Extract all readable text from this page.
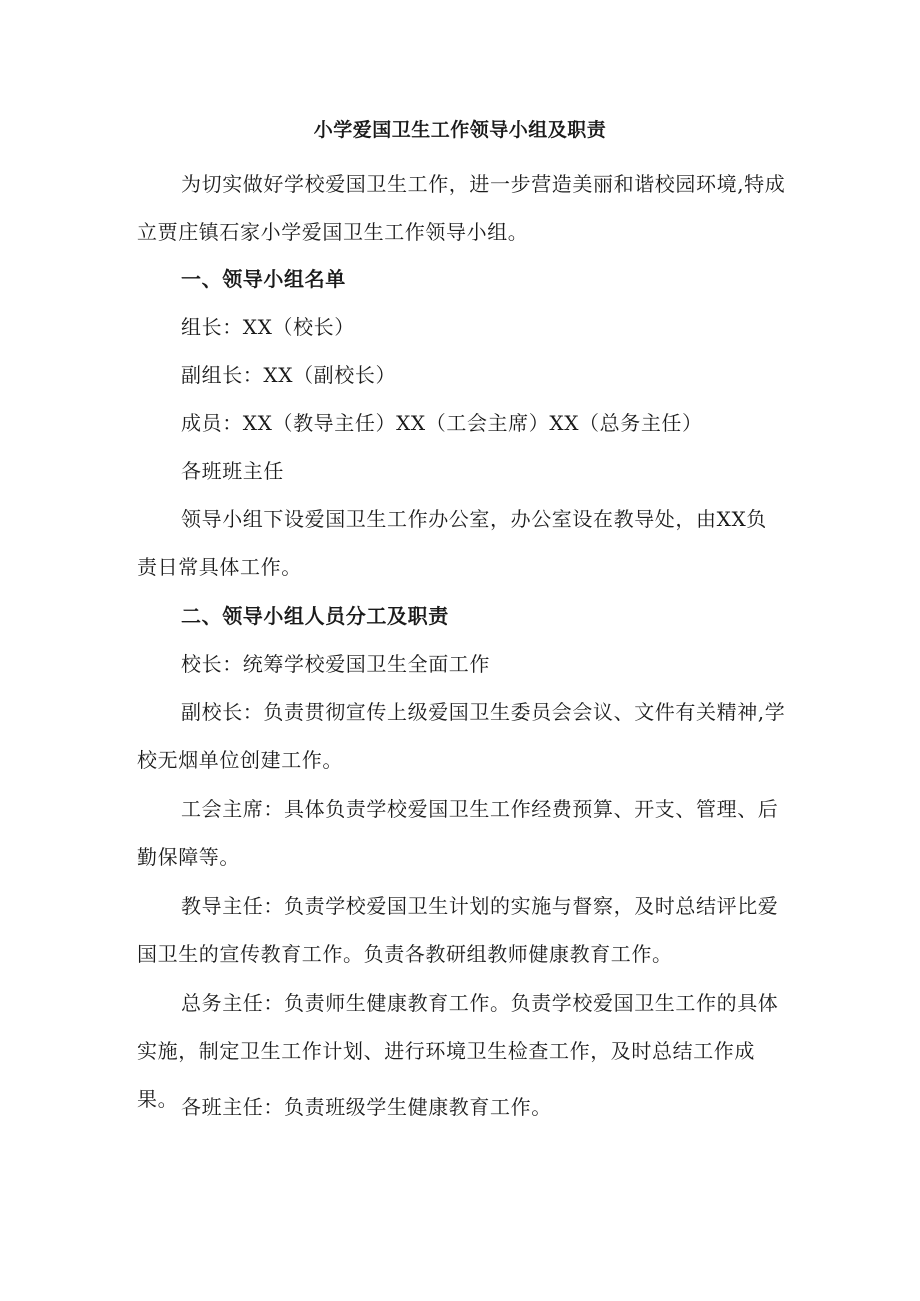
小学爱国卫生工作领导小组及职责

为切实做好学校爱国卫生工作，进一步营造美丽和谐校园环境,特成立贾庄镇石家小学爱国卫生工作领导小组。

一、领导小组名单

组长：XX（校长）

副组长：XX（副校长）

成员：XX（教导主任）XX（工会主席）XX（总务主任）

各班班主任

领导小组下设爱国卫生工作办公室，办公室设在教导处，由XX负责日常具体工作。

二、领导小组人员分工及职责

校长：统筹学校爱国卫生全面工作

副校长：负责贯彻宣传上级爱国卫生委员会会议、文件有关精神,学校无烟单位创建工作。

工会主席：具体负责学校爱国卫生工作经费预算、开支、管理、后勤保障等。

教导主任：负责学校爱国卫生计划的实施与督察，及时总结评比爱国卫生的宣传教育工作。负责各教研组教师健康教育工作。

总务主任：负责师生健康教育工作。负责学校爱国卫生工作的具体实施，制定卫生工作计划、进行环境卫生检查工作，及时总结工作成果。 各班主任：负责班级学生健康教育工作。
